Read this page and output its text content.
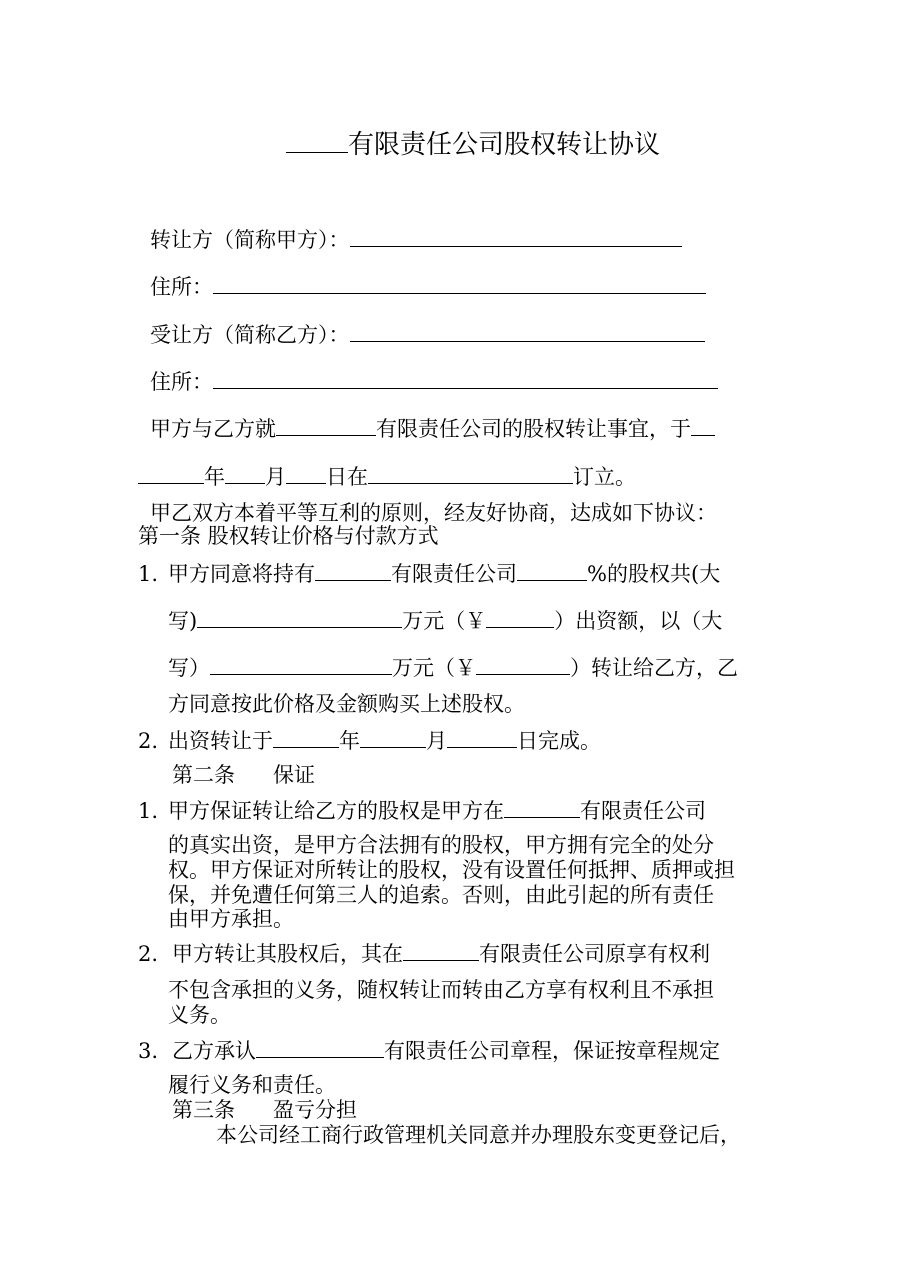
有限责任公司股权转让协议
转让方（简称甲方）：
住所：
受让方（简称乙方）：
住所：
甲方与乙方就	有限责任公司的股权转让事宜，于
年 月 日在	订立。
甲乙双方本着平等互利的原则，经友好协商，达成如下协议：
第一条 股权转让价格与付款方式
1. 甲方同意将持有	有限责任公司	%的股权共(大
写)	万元（￥	）出资额，以（大
写）	万元（￥	）转让给乙方，乙
方同意按此价格及金额购买上述股权。
2. 出资转让于	年	月	日完成。
第二条 保证
1. 甲方保证转让给乙方的股权是甲方在	有限责任公司
的真实出资，是甲方合法拥有的股权，甲方拥有完全的处分
权。甲方保证对所转让的股权，没有设置任何抵押、质押或担
保，并免遭任何第三人的追索。否则，由此引起的所有责任
由甲方承担。
2. 甲方转让其股权后，其在	有限责任公司原享有权利
不包含承担的义务，随权转让而转由乙方享有权利且不承担
义务。
3. 乙方承认	有限责任公司章程，保证按章程规定
履行义务和责任。
第三条 盈亏分担
本公司经工商行政管理机关同意并办理股东变更登记后，
